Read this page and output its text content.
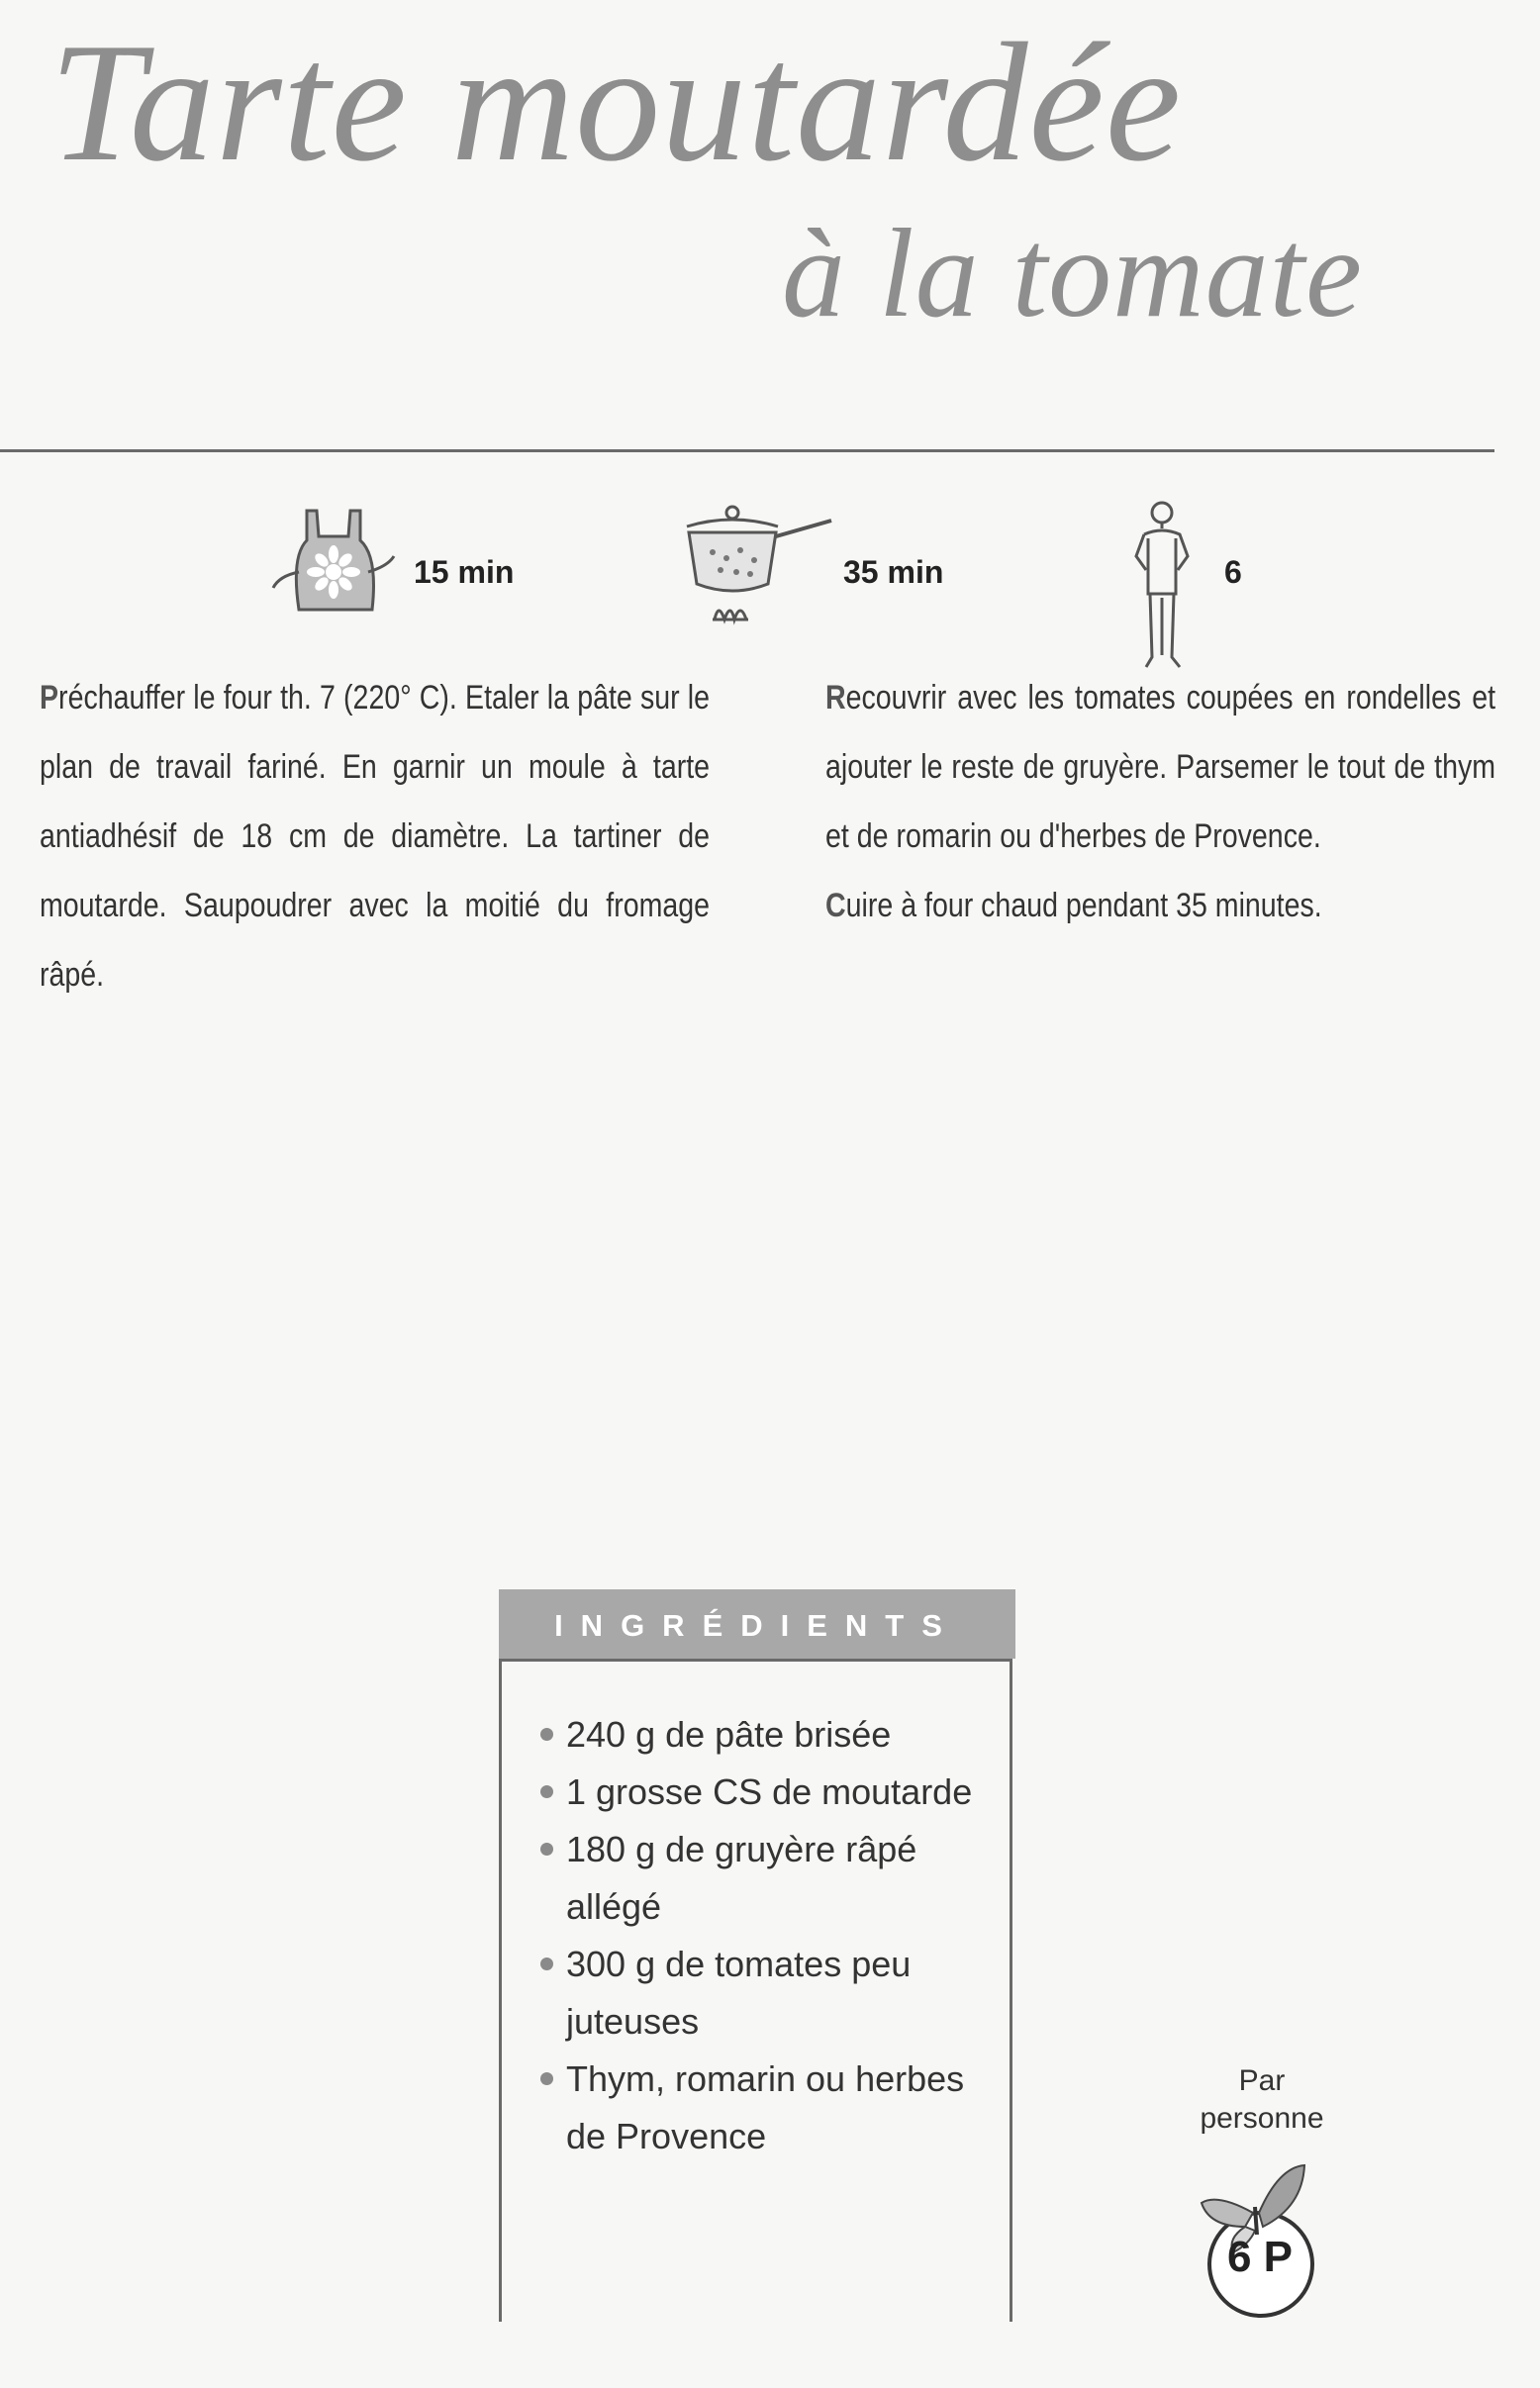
Tarte moutardée
à la tomate
15 min	35 min	6

Préchauffer le four th. 7 (220° C). Etaler la pâte sur le plan de travail fariné. En garnir un moule à tarte antiadhésif de 18 cm de diamètre. La tartiner de moutarde. Saupoudrer avec la moitié du fromage râpé.

Recouvrir avec les tomates coupées en rondelles et ajouter le reste de gruyère. Parsemer le tout de thym et de romarin ou d'herbes de Provence.

Cuire à four chaud pendant 35 minutes.

INGRÉDIENTS
240 g de pâte brisée
1 grosse CS de moutarde
180 g de gruyère râpé allégé
300 g de tomates peu juteuses
Thym, romarin ou herbes de Provence
Par
personne
6 P
